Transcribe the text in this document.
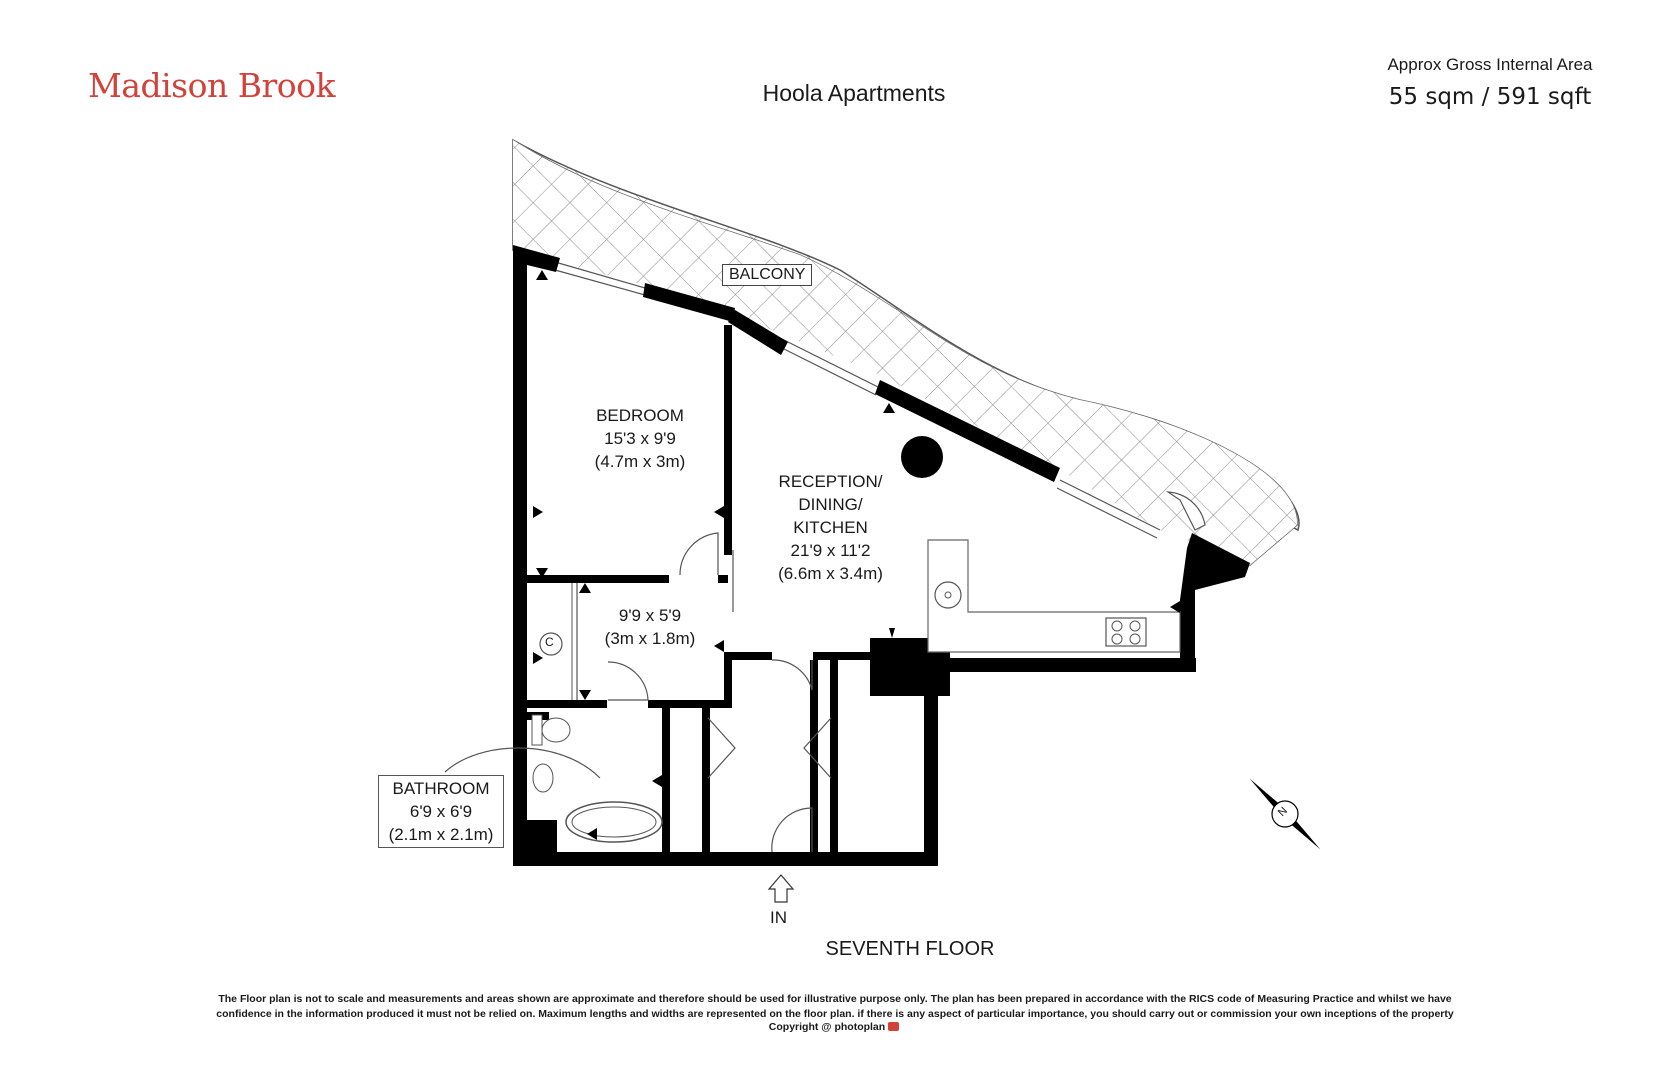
Madison Brook	Hoola Apartments
Approx Gross Internal Area
55 sqm / 591 sqft
N
BALCONY
BEDROOM
15'3 x 9'9
(4.7m x 3m)
RECEPTION/
DINING/
KITCHEN
21'9 x 11'2
(6.6m x 3.4m)
9'9 x 5'9
(3m x 1.8m)
C
BATHROOM
6'9 x 6'9
(2.1m x 2.1m)
IN
SEVENTH FLOOR
The Floor plan is not to scale and measurements and areas shown are approximate and therefore should be used for illustrative purpose only. The plan has been prepared in accordance with the RICS code of Measuring Practice and whilst we have
confidence in the information produced it must not be relied on. Maximum lengths and widths are represented on the floor plan. if there is any aspect of particular importance, you should carry out or commission your own inceptions of the property
Copyright @ photoplan
